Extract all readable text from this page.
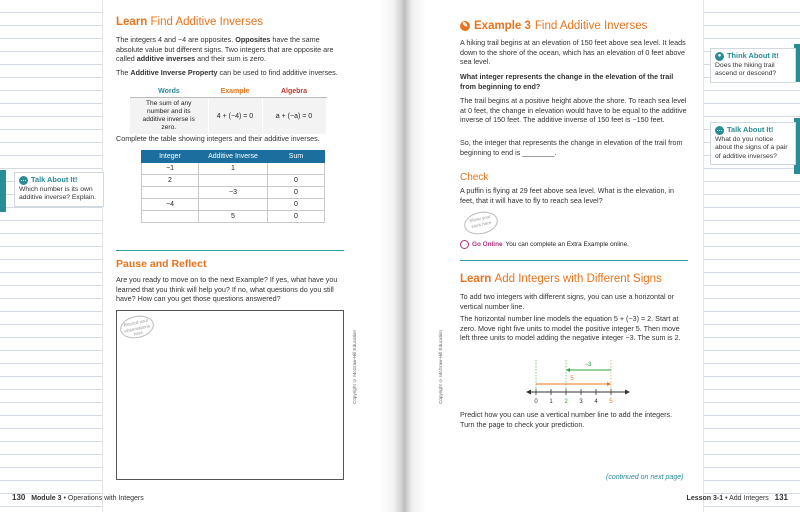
Learn Find Additive Inverses
The integers 4 and −4 are opposites. Opposites have the same absolute value but different signs. Two integers that are opposite are called additive inverses and their sum is zero.
The Additive Inverse Property can be used to find additive inverses.
Words	Example	Algebra
The sum of any number and its additive inverse is zero.	4 + (−4) = 0	a + (−a) = 0
Complete the table showing integers and their additive inverses.
Integer	Additive Inverse	Sum
−1	1	
2		0
	−3	0
−4		0
	5	0
… Talk About It!
Which number is its own additive inverse? Explain.
Pause and Reflect
Are you ready to move on to the next Example? If yes, what have you learned that you think will help you? If no, what questions do you still have? How can you get those questions answered?
Record your observations here	Copyright © McGraw-Hill Education
130 Module 3 • Operations with Integers
✎ Example 3 Find Additive Inverses
A hiking trail begins at an elevation of 150 feet above sea level. It leads down to the shore of the ocean, which has an elevation of 0 feet above sea level.
What integer represents the change in the elevation of the trail from beginning to end?
The trail begins at a positive height above the shore. To reach sea level at 0 feet, the change in elevation would have to be equal to the additive inverse of 150 feet. The additive inverse of 150 feet is −150 feet.
So, the integer that represents the change in elevation of the trail from beginning to end is ________.
Check
A puffin is flying at 29 feet above sea level. What is the elevation, in feet, that it will have to fly to reach sea level?
Show your work here
Go Online You can complete an Extra Example online.
Learn Add Integers with Different Signs
To add two integers with different signs, you can use a horizontal or vertical number line.
The horizontal number line models the equation 5 + (−3) = 2. Start at zero. Move right five units to model the positive integer 5. Then move left three units to model adding the negative integer −3. The sum is 2.
0 1 2 3 4 5
5
−3
Predict how you can use a vertical number line to add the integers. Turn the page to check your prediction.
(continued on next page)
● Think About It!
Does the hiking trail ascend or descend?
… Talk About It!
What do you notice about the signs of a pair of additive inverses?
Copyright © McGraw-Hill Education
Lesson 3-1 • Add Integers 131
